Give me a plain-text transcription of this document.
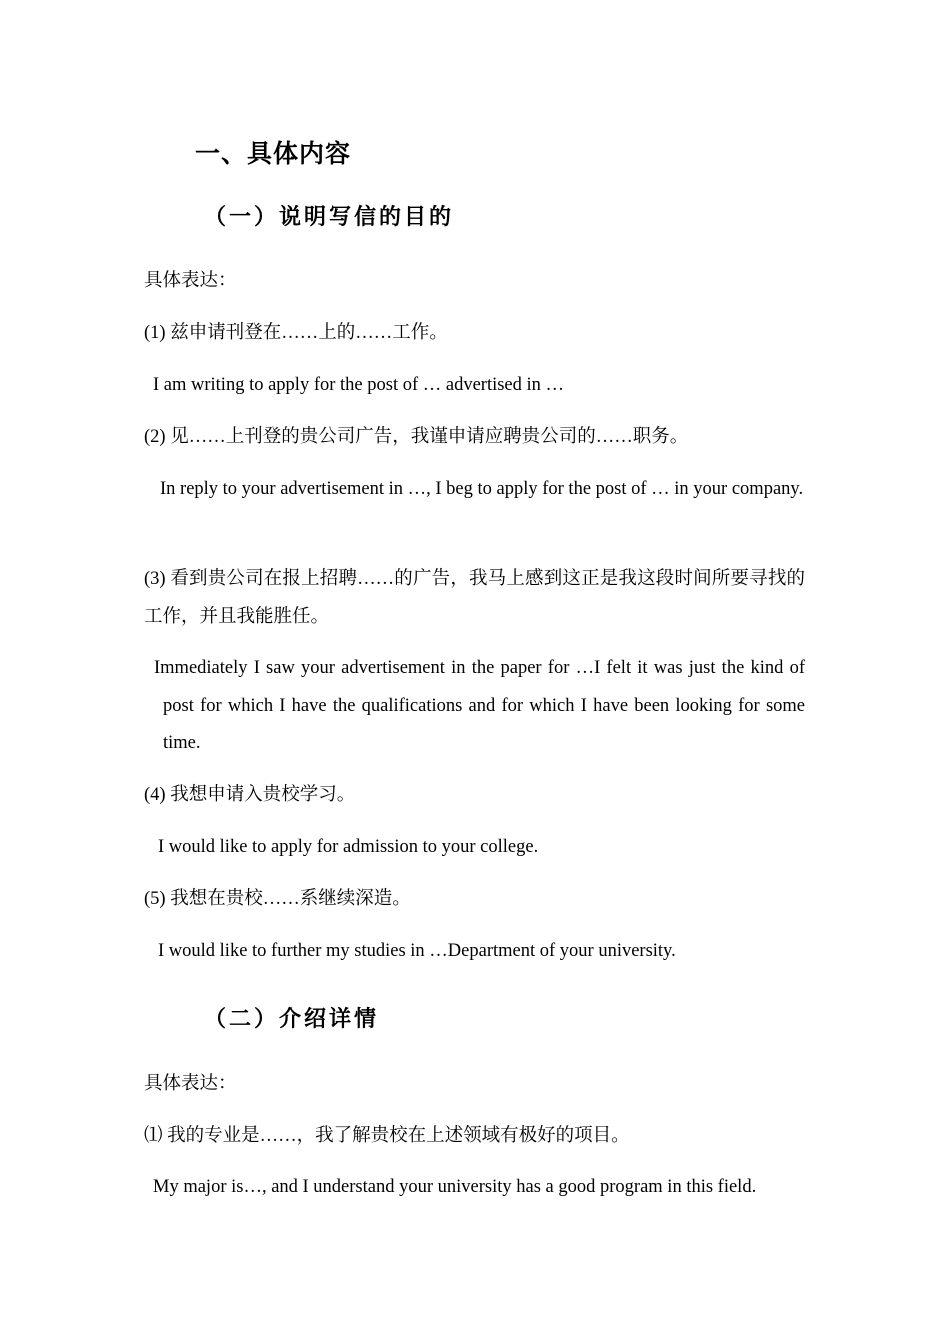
一、具体内容
（一）说明写信的目的
具体表达：
(1) 兹申请刊登在……上的……工作。
I am writing to apply for the post of … advertised in …
(2) 见……上刊登的贵公司广告，我谨申请应聘贵公司的……职务。
In reply to your advertisement in …, I beg to apply for the post of … in your company.
(3) 看到贵公司在报上招聘……的广告，我马上感到这正是我这段时间所要寻找的工作，并且我能胜任。
Immediately I saw your advertisement in the paper for …I felt it was just the kind of post for which I have the qualifications and for which I have been looking for some time.
(4) 我想申请入贵校学习。
I would like to apply for admission to your college.
(5) 我想在贵校……系继续深造。
I would like to further my studies in …Department of your university.
（二）介绍详情
具体表达：
⑴ 我的专业是……，我了解贵校在上述领域有极好的项目。
My major is…, and I understand your university has a good program in this field.
